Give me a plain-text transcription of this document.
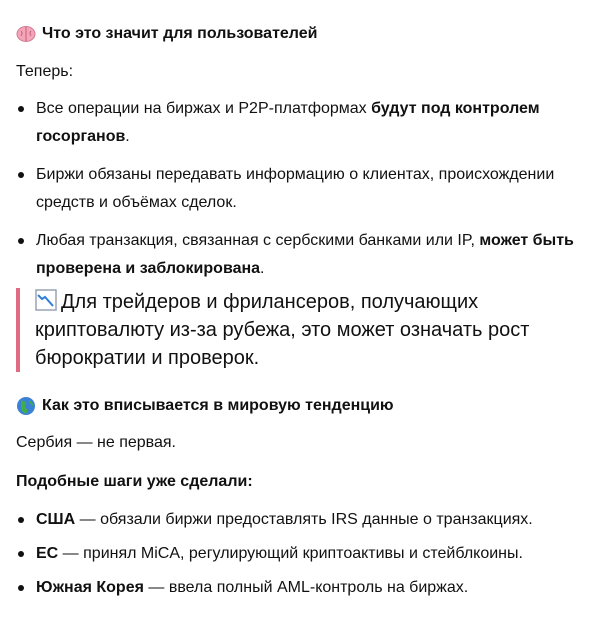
Что это значит для пользователей
Теперь:
Все операции на биржах и P2P-платформах будут под контролем госорганов.
Биржи обязаны передавать информацию о клиентах, происхождении средств и объёмах сделок.
Любая транзакция, связанная с сербскими банками или IP, может быть проверена и заблокирована.
Для трейдеров и фрилансеров, получающих криптовалюту из-за рубежа, это может означать рост бюрократии и проверок.
Как это вписывается в мировую тенденцию
Сербия — не первая.
Подобные шаги уже сделали:
США — обязали биржи предоставлять IRS данные о транзакциях.
ЕС — принял MiCA, регулирующий криптоактивы и стейблкоины.
Южная Корея — ввела полный AML-контроль на биржах.
